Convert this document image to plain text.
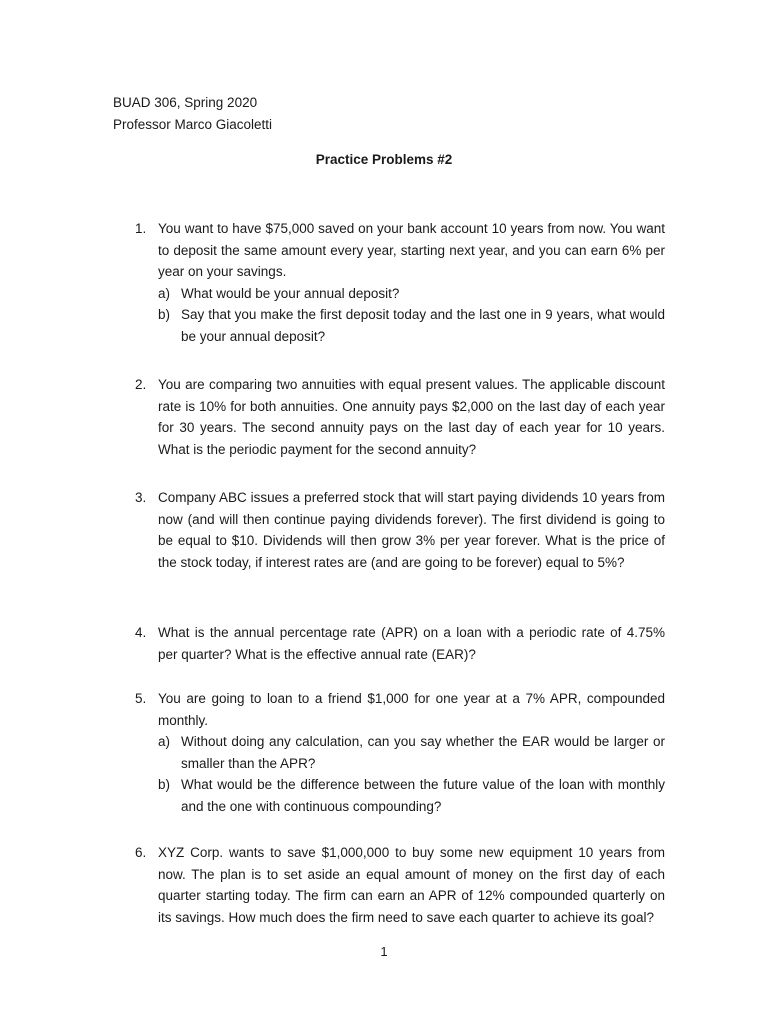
BUAD 306, Spring 2020
Professor Marco Giacoletti
Practice Problems #2
1. You want to have $75,000 saved on your bank account 10 years from now. You want to deposit the same amount every year, starting next year, and you can earn 6% per year on your savings.
a) What would be your annual deposit?
b) Say that you make the first deposit today and the last one in 9 years, what would be your annual deposit?
2. You are comparing two annuities with equal present values. The applicable discount rate is 10% for both annuities. One annuity pays $2,000 on the last day of each year for 30 years. The second annuity pays on the last day of each year for 10 years. What is the periodic payment for the second annuity?
3. Company ABC issues a preferred stock that will start paying dividends 10 years from now (and will then continue paying dividends forever). The first dividend is going to be equal to $10. Dividends will then grow 3% per year forever. What is the price of the stock today, if interest rates are (and are going to be forever) equal to 5%?
4. What is the annual percentage rate (APR) on a loan with a periodic rate of 4.75% per quarter? What is the effective annual rate (EAR)?
5. You are going to loan to a friend $1,000 for one year at a 7% APR, compounded monthly.
a) Without doing any calculation, can you say whether the EAR would be larger or smaller than the APR?
b) What would be the difference between the future value of the loan with monthly and the one with continuous compounding?
6. XYZ Corp. wants to save $1,000,000 to buy some new equipment 10 years from now. The plan is to set aside an equal amount of money on the first day of each quarter starting today. The firm can earn an APR of 12% compounded quarterly on its savings. How much does the firm need to save each quarter to achieve its goal?
1
